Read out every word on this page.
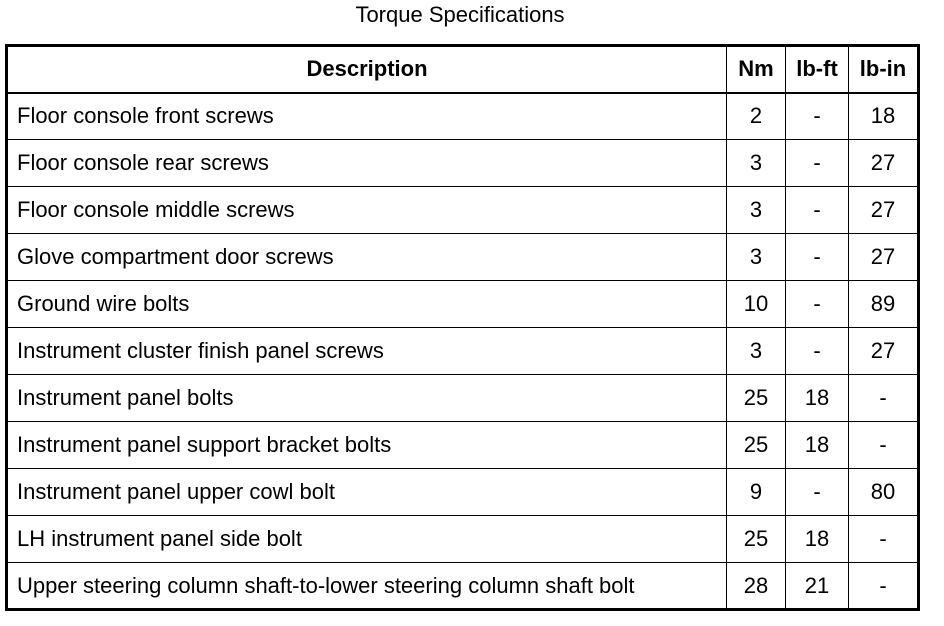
Torque Specifications
Description	Nm	lb-ft	lb-in
Floor console front screws	2	-	18
Floor console rear screws	3	-	27
Floor console middle screws	3	-	27
Glove compartment door screws	3	-	27
Ground wire bolts	10	-	89
Instrument cluster finish panel screws	3	-	27
Instrument panel bolts	25	18	-
Instrument panel support bracket bolts	25	18	-
Instrument panel upper cowl bolt	9	-	80
LH instrument panel side bolt	25	18	-
Upper steering column shaft-to-lower steering column shaft bolt	28	21	-
